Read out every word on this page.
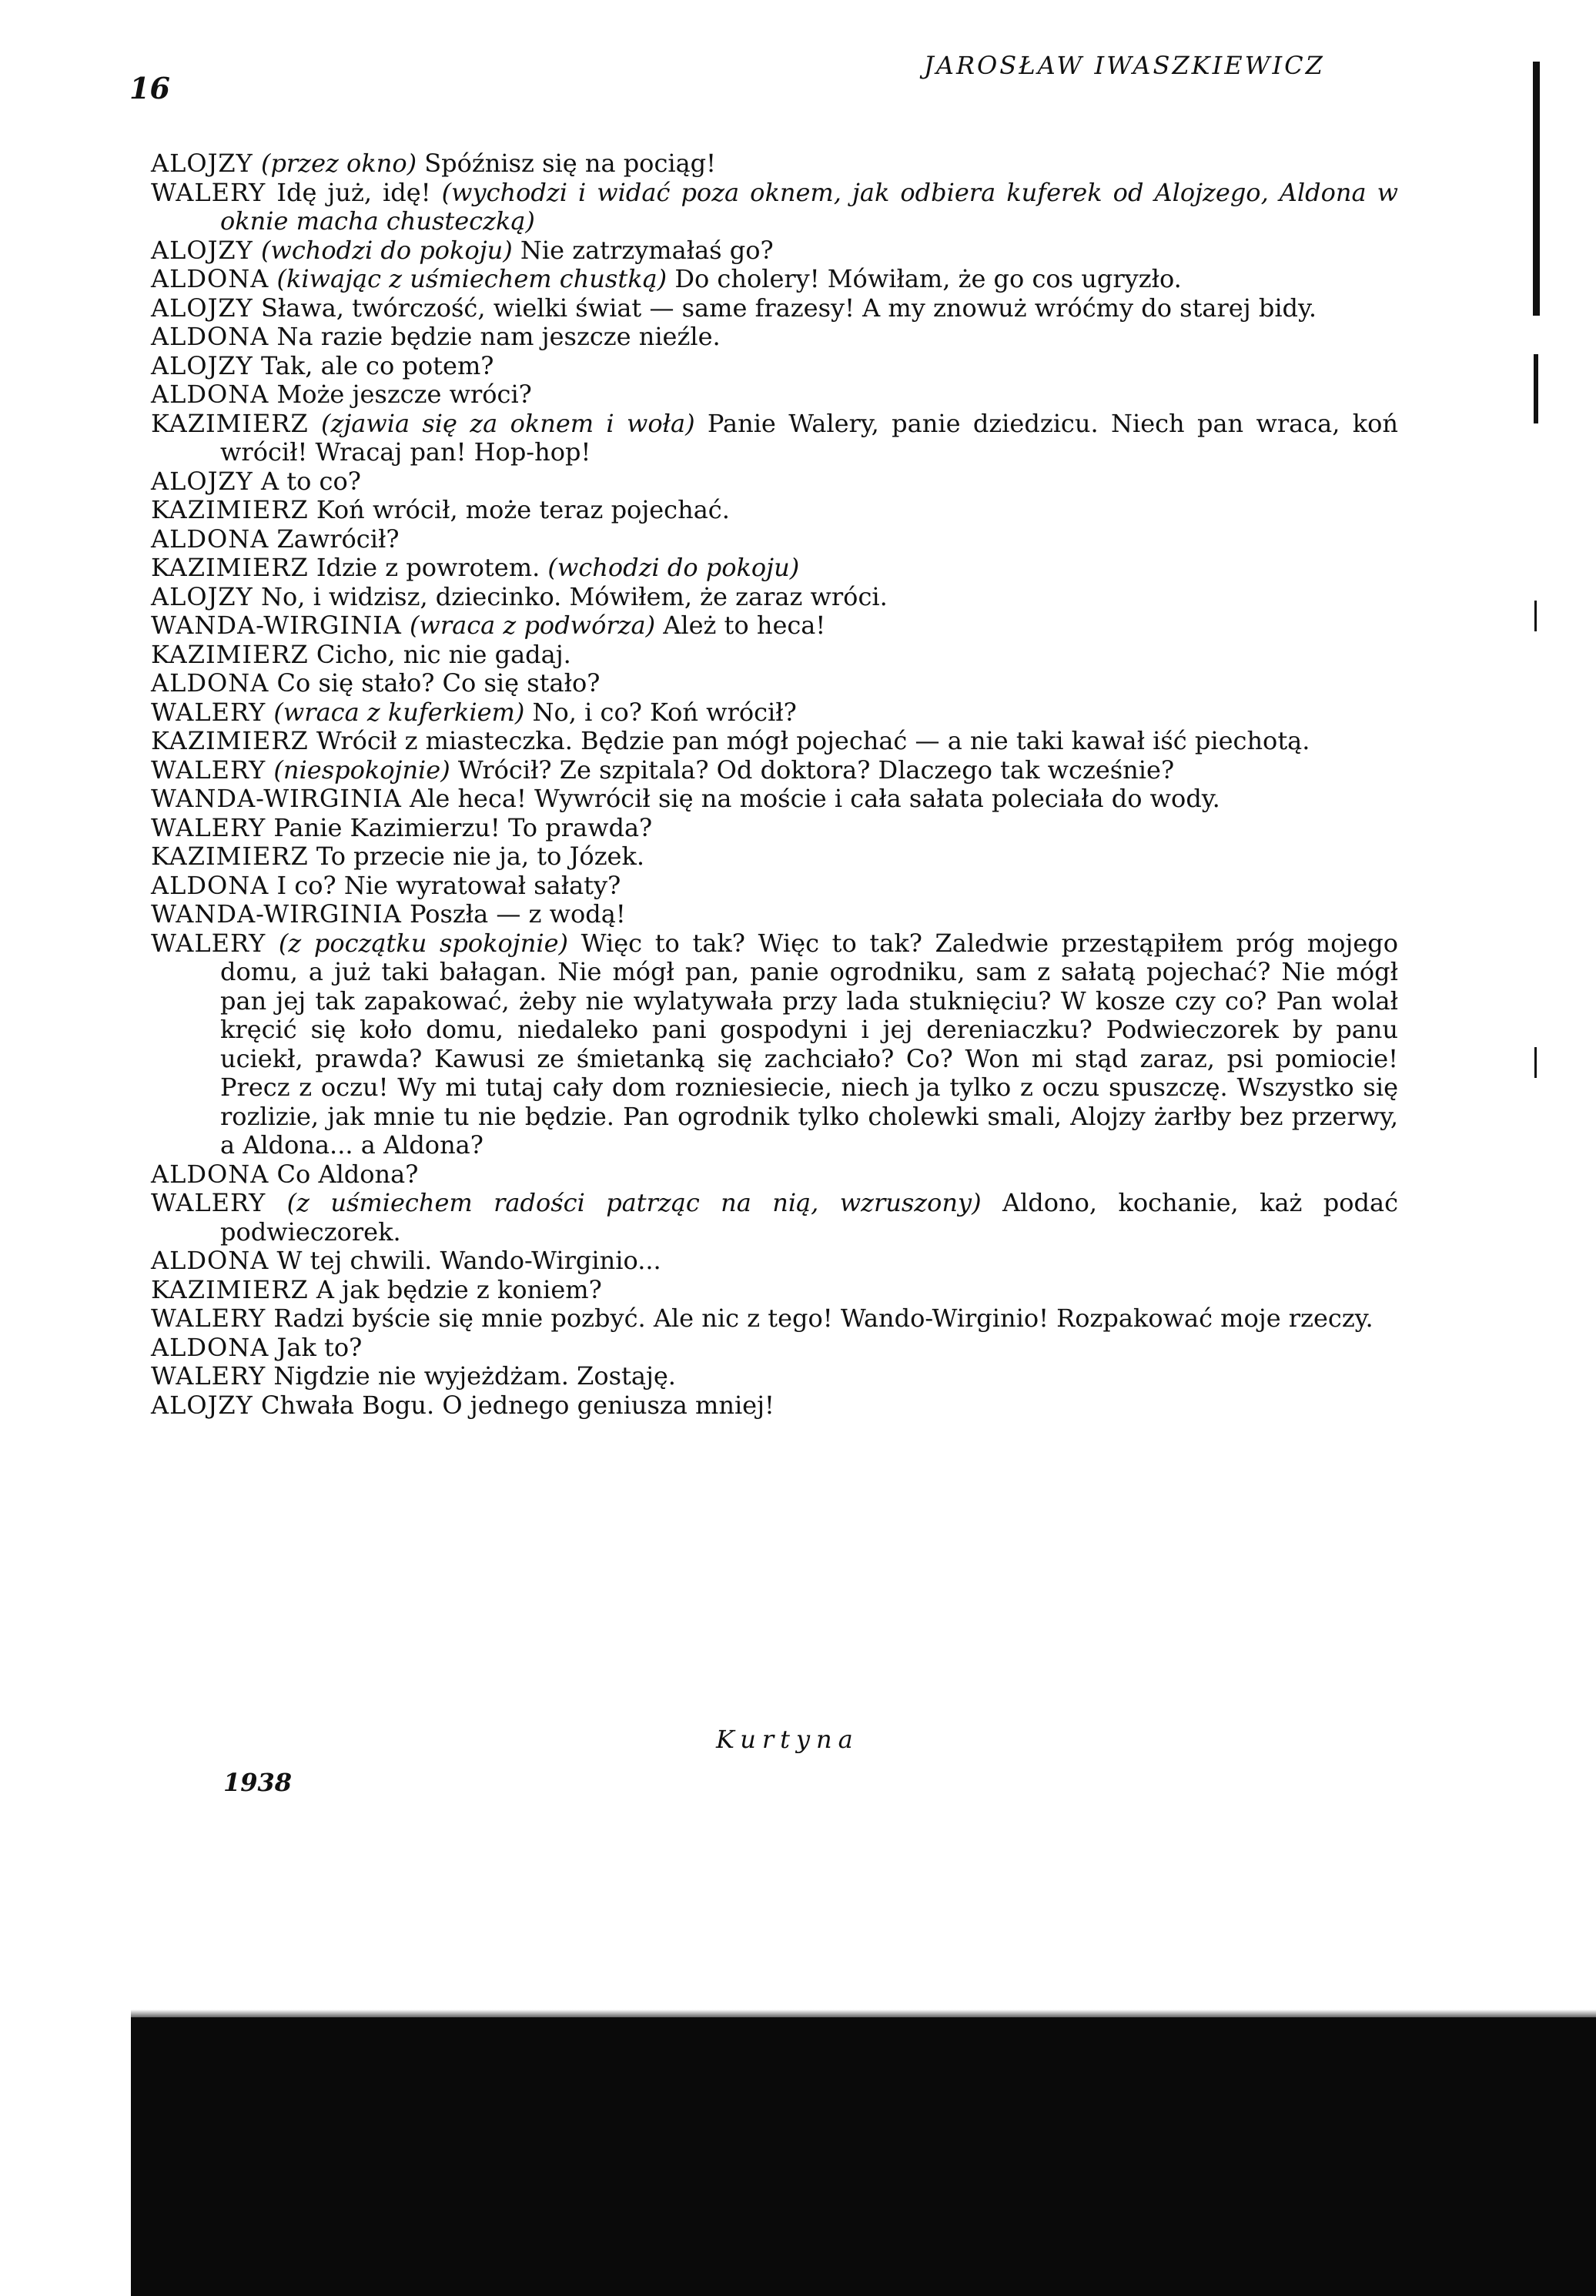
16
JAROSŁAW IWASZKIEWICZ
ALOJZY (przez okno) Spóźnisz się na pociąg!
WALERY Idę już, idę! (wychodzi i widać poza oknem, jak odbiera kuferek od Alojzego, Aldona w oknie macha chusteczką)
ALOJZY (wchodzi do pokoju) Nie zatrzymałaś go?
ALDONA (kiwając z uśmiechem chustką) Do cholery! Mówiłam, że go cos ugryzło.
ALOJZY Sława, twórczość, wielki świat — same frazesy! A my znowuż wróćmy do starej bidy.
ALDONA Na razie będzie nam jeszcze nieźle.
ALOJZY Tak, ale co potem?
ALDONA Może jeszcze wróci?
KAZIMIERZ (zjawia się za oknem i woła) Panie Walery, panie dziedzicu. Niech pan wraca, koń wrócił! Wracaj pan! Hop-hop!
ALOJZY A to co?
KAZIMIERZ Koń wrócił, może teraz pojechać.
ALDONA Zawrócił?
KAZIMIERZ Idzie z powrotem. (wchodzi do pokoju)
ALOJZY No, i widzisz, dziecinko. Mówiłem, że zaraz wróci.
WANDA-WIRGINIA (wraca z podwórza) Ależ to heca!
KAZIMIERZ Cicho, nic nie gadaj.
ALDONA Co się stało? Co się stało?
WALERY (wraca z kuferkiem) No, i co? Koń wrócił?
KAZIMIERZ Wrócił z miasteczka. Będzie pan mógł pojechać — a nie taki kawał iść piechotą.
WALERY (niespokojnie) Wrócił? Ze szpitala? Od doktora? Dlaczego tak wcześnie?
WANDA-WIRGINIA Ale heca! Wywrócił się na moście i cała sałata poleciała do wody.
WALERY Panie Kazimierzu! To prawda?
KAZIMIERZ To przecie nie ja, to Józek.
ALDONA I co? Nie wyratował sałaty?
WANDA-WIRGINIA Poszła — z wodą!
WALERY (z początku spokojnie) Więc to tak? Więc to tak? Zaledwie przestąpiłem próg mojego domu, a już taki bałagan. Nie mógł pan, panie ogrodniku, sam z sałatą pojechać? Nie mógł pan jej tak zapakować, żeby nie wylatywała przy lada stuknięciu? W kosze czy co? Pan wolał kręcić się koło domu, niedaleko pani gospodyni i jej dereniaczku? Podwieczorek by panu uciekł, prawda? Kawusi ze śmietanką się zachciało? Co? Won mi stąd zaraz, psi pomiocie! Precz z oczu! Wy mi tutaj cały dom rozniesiecie, niech ja tylko z oczu spuszczę. Wszystko się rozlizie, jak mnie tu nie będzie. Pan ogrodnik tylko cholewki smali, Alojzy żarłby bez przerwy, a Aldona... a Aldona?
ALDONA Co Aldona?
WALERY (z uśmiechem radości patrząc na nią, wzruszony) Aldono, kochanie, każ podać podwieczorek.
ALDONA W tej chwili. Wando-Wirginio...
KAZIMIERZ A jak będzie z koniem?
WALERY Radzi byście się mnie pozbyć. Ale nic z tego! Wando-Wirginio! Rozpakować moje rzeczy.
ALDONA Jak to?
WALERY Nigdzie nie wyjeżdżam. Zostaję.
ALOJZY Chwała Bogu. O jednego geniusza mniej!
Kurtyna
1938
